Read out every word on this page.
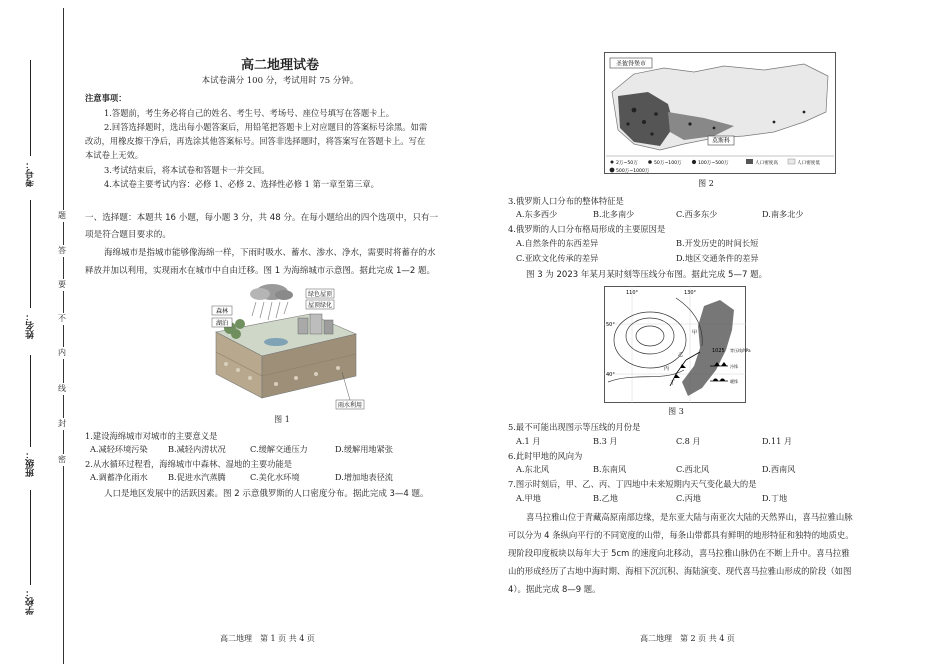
考号：
姓名：
班级：
学校：
题
答
要
不
内
线
封
密
高二地理试卷
本试卷满分 100 分，考试用时 75 分钟。
注意事项：
1.答题前，考生务必将自己的姓名、考生号、考场号、座位号填写在答题卡上。
2.回答选择题时，选出每小题答案后，用铅笔把答题卡上对应题目的答案标号涂黑。如需
改动，用橡皮擦干净后，再选涂其他答案标号。回答非选择题时，将答案写在答题卡上。写在
本试卷上无效。
3.考试结束后，将本试卷和答题卡一并交回。
4.本试卷主要考试内容：必修 1、必修 2、选择性必修 1 第一章至第三章。
一、选择题：本题共 16 小题，每小题 3 分，共 48 分。在每小题给出的四个选项中，只有一
项是符合题目要求的。
海绵城市是指城市能够像海绵一样，下雨时吸水、蓄水、渗水、净水，需要时将蓄存的水
释放并加以利用，实现雨水在城市中自由迁移。图 1 为海绵城市示意图。据此完成 1—2 题。
森林
湖泊
屋顶绿化
绿色屋顶
雨水利用
图 1
1.建设海绵城市对城市的主要意义是
A.减轻环境污染 B.减轻内涝状况	C.缓解交通压力	D.缓解用地紧张
2.从水循环过程看，海绵城市中森林、湿地的主要功能是
A.调蓄净化雨水 B.促进水汽蒸腾	C.美化水环境	D.增加地表径流
人口是地区发展中的活跃因素。图 2 示意俄罗斯的人口密度分布。据此完成 3—4 题。
高二地理　第 1 页 共 4 页
圣彼得堡市
莫斯科
2万~50万	50万~100万	100万~500万
500万~1000万
人口密度高	人口密度低
图 2
3.俄罗斯人口分布的整体特征是
A.东多西少	B.北多南少	C.西多东少	D.南多北少
4.俄罗斯的人口分布格局形成的主要原因是
A.自然条件的东西差异	B.开发历史的时间长短
C.亚欧文化传承的差异	D.地区交通条件的差异
图 3 为 2023 年某月某时刻等压线分布图。据此完成 5—7 题。
110°	130°
50°
40°
1025 等压线/hPa
冷锋
暖锋
甲
乙
丙
丁
图 3
5.最不可能出现图示等压线的月份是
A.1 月	B.3 月	C.8 月	D.11 月
6.此时甲地的风向为
A.东北风	B.东南风	C.西北风	D.西南风
7.图示时刻后，甲、乙、丙、丁四地中未来短期内天气变化最大的是
A.甲地	B.乙地	C.丙地	D.丁地
喜马拉雅山位于青藏高原南部边缘，是东亚大陆与南亚次大陆的天然界山，喜马拉雅山脉
可以分为 4 条纵向平行的不同宽度的山带，每条山带都具有鲜明的地形特征和独特的地质史。
现阶段印度板块以每年大于 5cm 的速度向北移动，喜马拉雅山脉仍在不断上升中。喜马拉雅
山的形成经历了古地中海时期、海相下沉沉积、海陆演变、现代喜马拉雅山形成的阶段（如图
4）。据此完成 8—9 题。
高二地理　第 2 页 共 4 页
